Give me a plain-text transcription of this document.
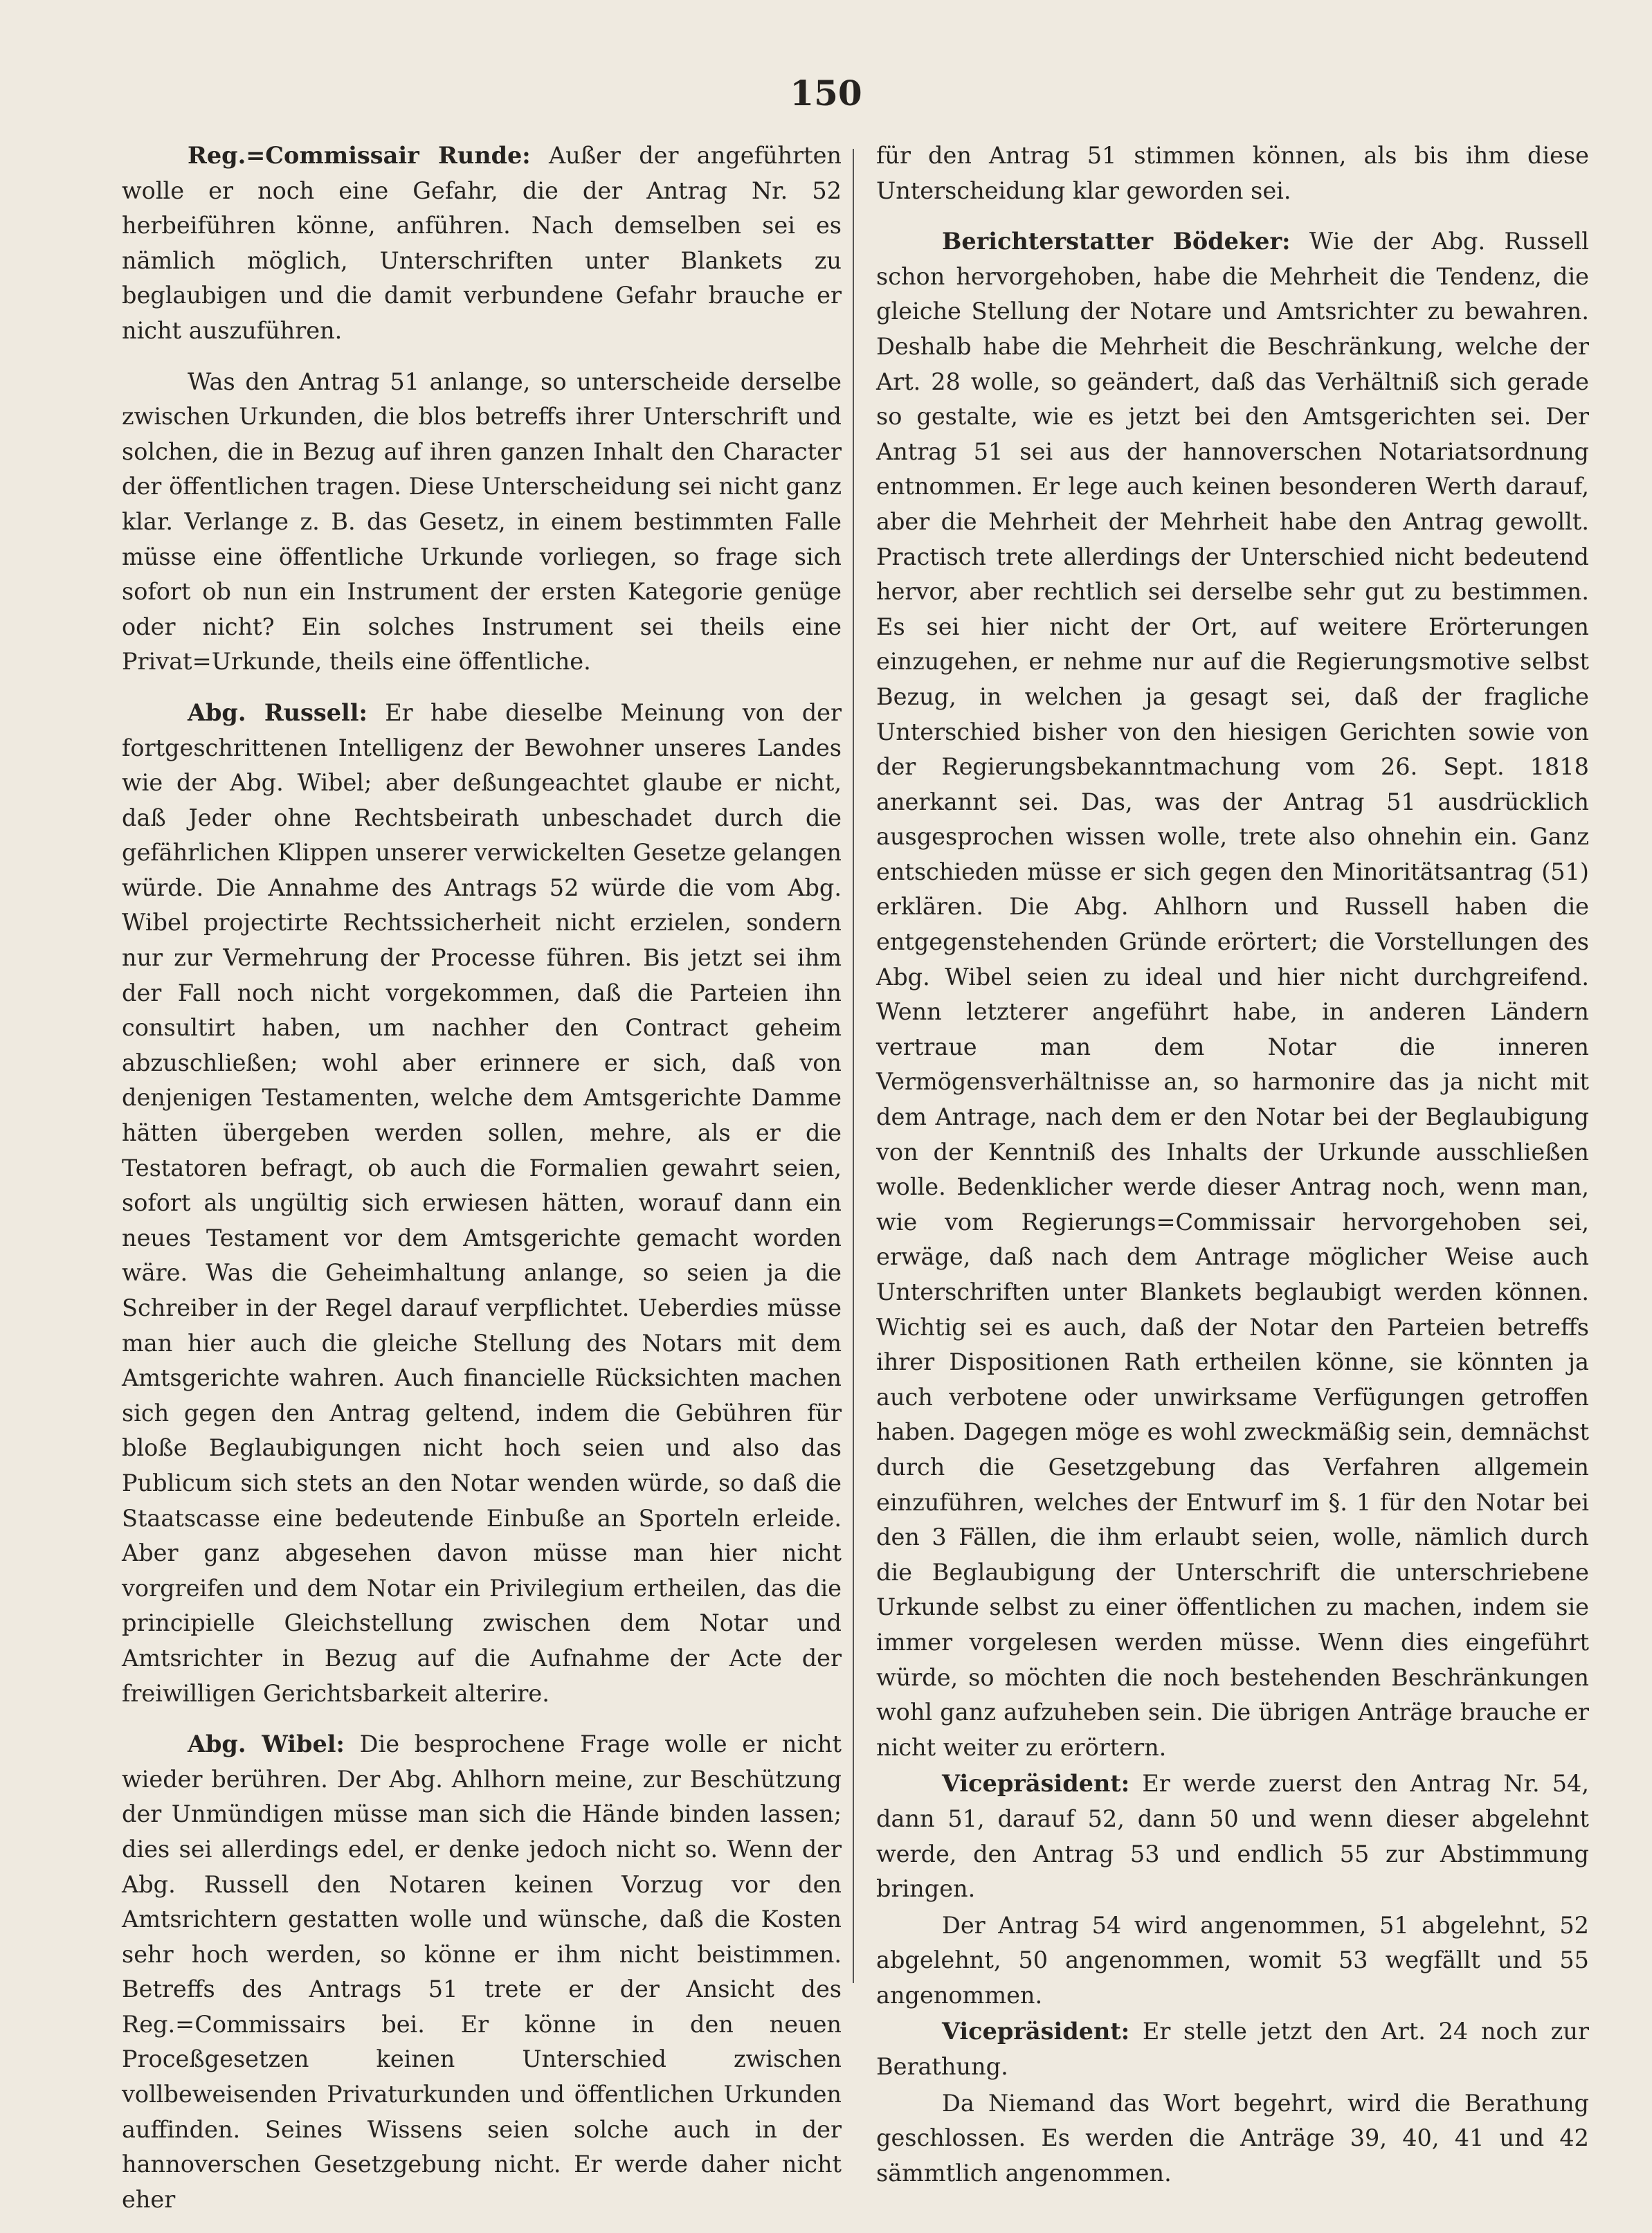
150

Reg.=Commissair Runde: Außer der angeführten wolle er noch eine Gefahr, die der Antrag Nr. 52 herbeiführen könne, anführen. Nach demselben sei es nämlich möglich, Unterschriften unter Blankets zu beglaubigen und die damit verbundene Gefahr brauche er nicht auszuführen.

Was den Antrag 51 anlange, so unterscheide derselbe zwischen Urkunden, die blos betreffs ihrer Unterschrift und solchen, die in Bezug auf ihren ganzen Inhalt den Character der öffentlichen tragen. Diese Unterscheidung sei nicht ganz klar. Verlange z. B. das Gesetz, in einem bestimmten Falle müsse eine öffentliche Urkunde vorliegen, so frage sich sofort ob nun ein Instrument der ersten Kategorie genüge oder nicht? Ein solches Instrument sei theils eine Privat=Urkunde, theils eine öffentliche.

Abg. Russell: Er habe dieselbe Meinung von der fortgeschrittenen Intelligenz der Bewohner unseres Landes wie der Abg. Wibel; aber deßungeachtet glaube er nicht, daß Jeder ohne Rechtsbeirath unbeschadet durch die gefährlichen Klippen unserer verwickelten Gesetze gelangen würde. Die Annahme des Antrags 52 würde die vom Abg. Wibel projectirte Rechtssicherheit nicht erzielen, sondern nur zur Vermehrung der Processe führen. Bis jetzt sei ihm der Fall noch nicht vorgekommen, daß die Parteien ihn consultirt haben, um nachher den Contract geheim abzuschließen; wohl aber erinnere er sich, daß von denjenigen Testamenten, welche dem Amtsgerichte Damme hätten übergeben werden sollen, mehre, als er die Testatoren befragt, ob auch die Formalien gewahrt seien, sofort als ungültig sich erwiesen hätten, worauf dann ein neues Testament vor dem Amtsgerichte gemacht worden wäre. Was die Geheimhaltung anlange, so seien ja die Schreiber in der Regel darauf verpflichtet. Ueberdies müsse man hier auch die gleiche Stellung des Notars mit dem Amtsgerichte wahren. Auch financielle Rücksichten machen sich gegen den Antrag geltend, indem die Gebühren für bloße Beglaubigungen nicht hoch seien und also das Publicum sich stets an den Notar wenden würde, so daß die Staatscasse eine bedeutende Einbuße an Sporteln erleide. Aber ganz abgesehen davon müsse man hier nicht vorgreifen und dem Notar ein Privilegium ertheilen, das die principielle Gleichstellung zwischen dem Notar und Amtsrichter in Bezug auf die Aufnahme der Acte der freiwilligen Gerichtsbarkeit alterire.

Abg. Wibel: Die besprochene Frage wolle er nicht wieder berühren. Der Abg. Ahlhorn meine, zur Beschützung der Unmündigen müsse man sich die Hände binden lassen; dies sei allerdings edel, er denke jedoch nicht so. Wenn der Abg. Russell den Notaren keinen Vorzug vor den Amtsrichtern gestatten wolle und wünsche, daß die Kosten sehr hoch werden, so könne er ihm nicht beistimmen. Betreffs des Antrags 51 trete er der Ansicht des Reg.=Commissairs bei. Er könne in den neuen Proceßgesetzen keinen Unterschied zwischen vollbeweisenden Privaturkunden und öffentlichen Urkunden auffinden. Seines Wissens seien solche auch in der hannoverschen Gesetzgebung nicht. Er werde daher nicht eher

für den Antrag 51 stimmen können, als bis ihm diese Unterscheidung klar geworden sei.

Berichterstatter Bödeker: Wie der Abg. Russell schon hervorgehoben, habe die Mehrheit die Tendenz, die gleiche Stellung der Notare und Amtsrichter zu bewahren. Deshalb habe die Mehrheit die Beschränkung, welche der Art. 28 wolle, so geändert, daß das Verhältniß sich gerade so gestalte, wie es jetzt bei den Amtsgerichten sei. Der Antrag 51 sei aus der hannoverschen Notariatsordnung entnommen. Er lege auch keinen besonderen Werth darauf, aber die Mehrheit der Mehrheit habe den Antrag gewollt. Practisch trete allerdings der Unterschied nicht bedeutend hervor, aber rechtlich sei derselbe sehr gut zu bestimmen. Es sei hier nicht der Ort, auf weitere Erörterungen einzugehen, er nehme nur auf die Regierungsmotive selbst Bezug, in welchen ja gesagt sei, daß der fragliche Unterschied bisher von den hiesigen Gerichten sowie von der Regierungsbekanntmachung vom 26. Sept. 1818 anerkannt sei. Das, was der Antrag 51 ausdrücklich ausgesprochen wissen wolle, trete also ohnehin ein. Ganz entschieden müsse er sich gegen den Minoritätsantrag (51) erklären. Die Abg. Ahlhorn und Russell haben die entgegenstehenden Gründe erörtert; die Vorstellungen des Abg. Wibel seien zu ideal und hier nicht durchgreifend. Wenn letzterer angeführt habe, in anderen Ländern vertraue man dem Notar die inneren Vermögensverhältnisse an, so harmonire das ja nicht mit dem Antrage, nach dem er den Notar bei der Beglaubigung von der Kenntniß des Inhalts der Urkunde ausschließen wolle. Bedenklicher werde dieser Antrag noch, wenn man, wie vom Regierungs=Commissair hervorgehoben sei, erwäge, daß nach dem Antrage möglicher Weise auch Unterschriften unter Blankets beglaubigt werden können. Wichtig sei es auch, daß der Notar den Parteien betreffs ihrer Dispositionen Rath ertheilen könne, sie könnten ja auch verbotene oder unwirksame Verfügungen getroffen haben. Dagegen möge es wohl zweckmäßig sein, demnächst durch die Gesetzgebung das Verfahren allgemein einzuführen, welches der Entwurf im §. 1 für den Notar bei den 3 Fällen, die ihm erlaubt seien, wolle, nämlich durch die Beglaubigung der Unterschrift die unterschriebene Urkunde selbst zu einer öffentlichen zu machen, indem sie immer vorgelesen werden müsse. Wenn dies eingeführt würde, so möchten die noch bestehenden Beschränkungen wohl ganz aufzuheben sein. Die übrigen Anträge brauche er nicht weiter zu erörtern.

Vicepräsident: Er werde zuerst den Antrag Nr. 54, dann 51, darauf 52, dann 50 und wenn dieser abgelehnt werde, den Antrag 53 und endlich 55 zur Abstimmung bringen.

Der Antrag 54 wird angenommen, 51 abgelehnt, 52 abgelehnt, 50 angenommen, womit 53 wegfällt und 55 angenommen.

Vicepräsident: Er stelle jetzt den Art. 24 noch zur Berathung.

Da Niemand das Wort begehrt, wird die Berathung geschlossen. Es werden die Anträge 39, 40, 41 und 42 sämmtlich angenommen.
